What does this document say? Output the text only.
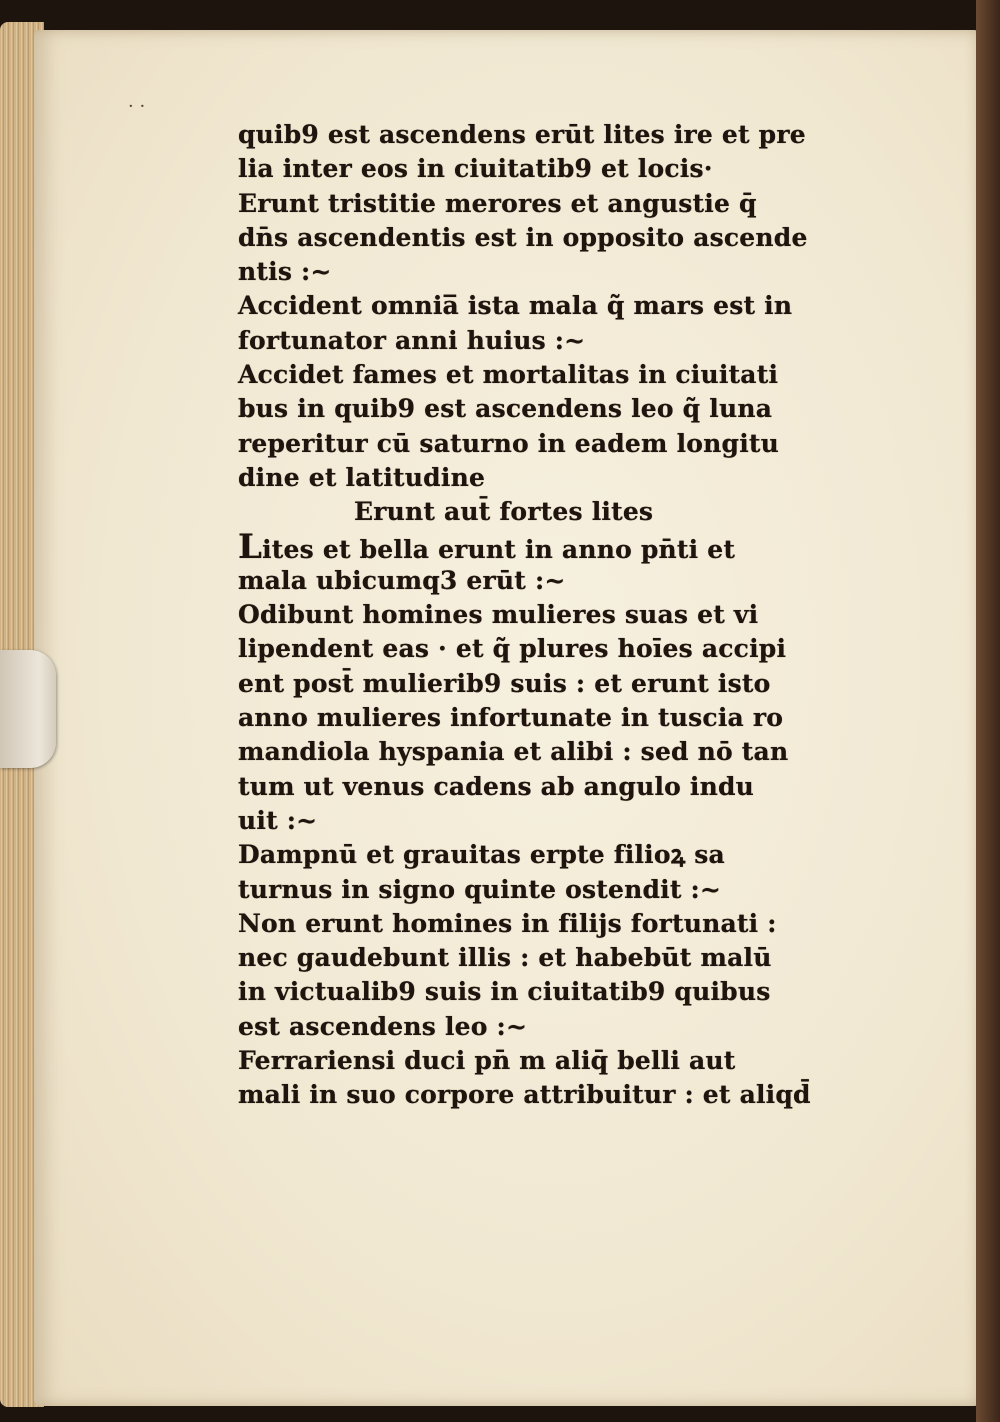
· ·
quib9 est ascendens erūt lites ire et pre
lia inter eos in ciuitatib9 et locis·
Erunt tristitie merores et angustie q̄
dn̄s ascendentis est in opposito ascende
ntis :~
Accident omnia̅ ista mala q̃ mars est in
fortunator anni huius :~
Accidet fames et mortalitas in ciuitati
bus in quib9 est ascendens leo q̃ luna
reperitur cū saturno in eadem longitu
dine et latitudine
Erunt aut̄ fortes lites
Lites et bella erunt in anno pn̄ti et
mala ubicumq3 erūt :~
Odibunt homines mulieres suas et vi
lipendent eas · et q̃ plures hoīes accipi
ent post̄ mulierib9 suis : et erunt isto
anno mulieres infortunate in tuscia ro
mandiola hyspania et alibi : sed nō tan
tum ut venus cadens ab angulo indu
uit :~
Dampnū et grauitas erpte filioꝝ sa
turnus in signo quinte ostendit :~
Non erunt homines in filijs fortunati :
nec gaudebunt illis : et habebūt malū
in victualib9 suis in ciuitatib9 quibus
est ascendens leo :~
Ferrariensi duci pn̄ m aliq̄ belli aut
mali in suo corpore attribuitur : et aliqd̄
